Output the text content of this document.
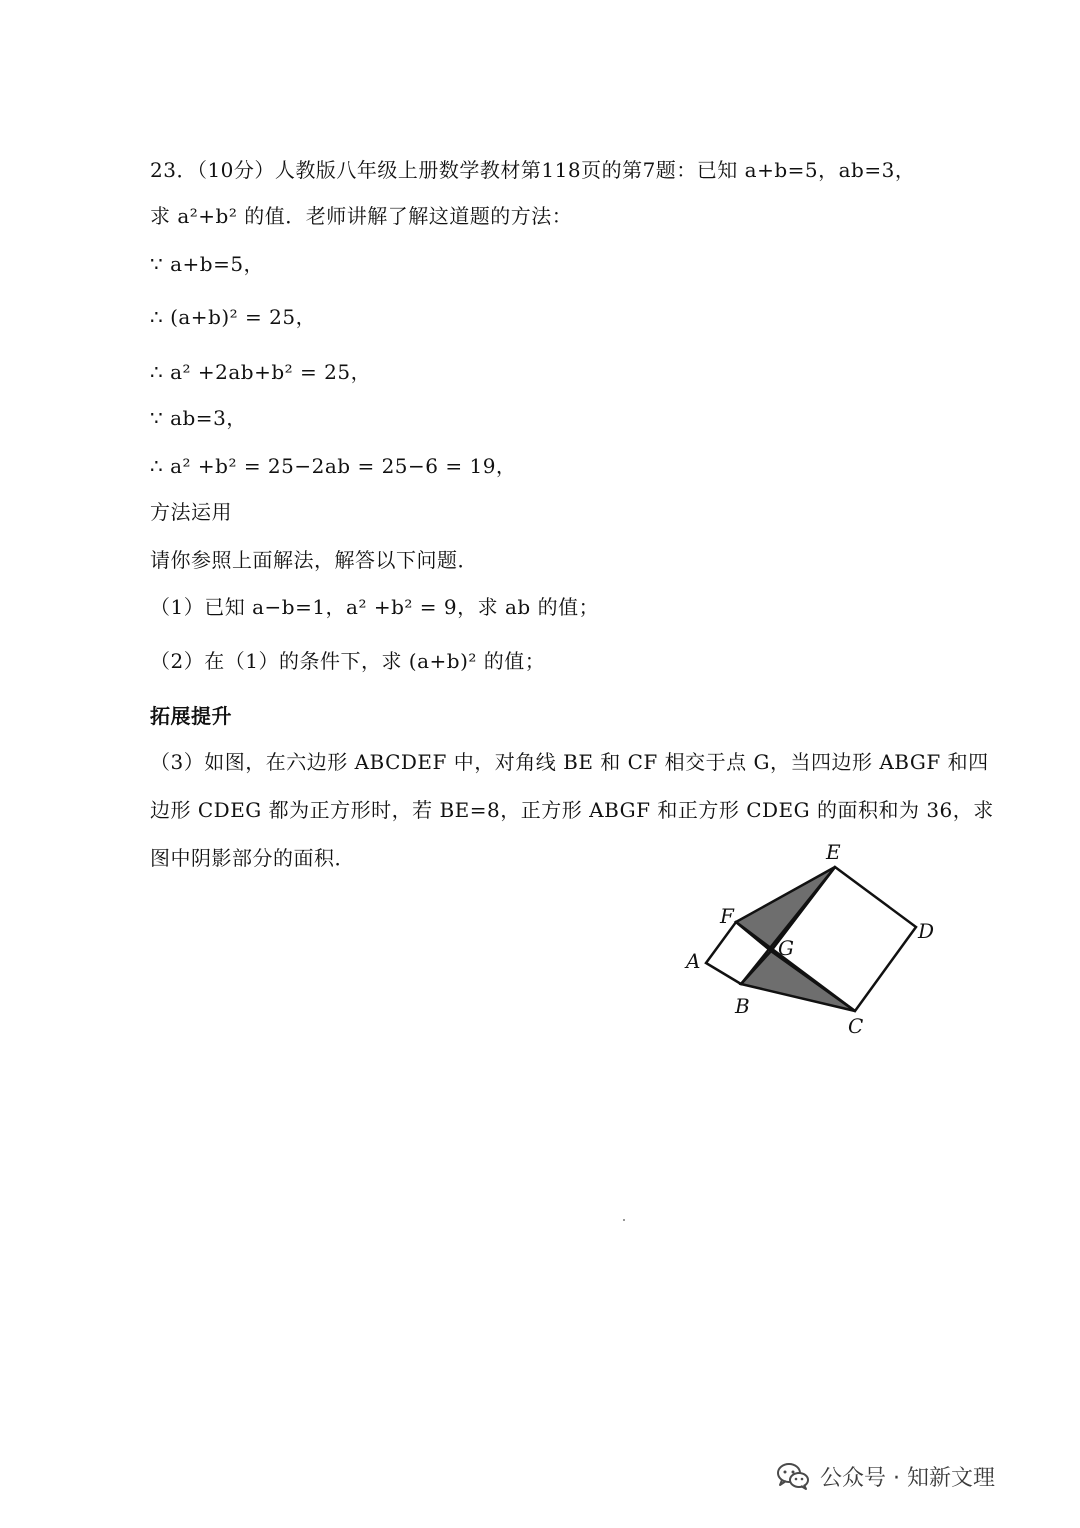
23．（10分）人教版八年级上册数学教材第118页的第7题：已知 a+b=5，ab=3，
求 a²+b² 的值．老师讲解了解这道题的方法：
∵ a+b=5，
∴ (a+b)² = 25，
∴ a² +2ab+b² = 25，
∵ ab=3，
∴ a² +b² = 25−2ab = 25−6 = 19，
方法运用
请你参照上面解法，解答以下问题．
（1）已知 a−b=1，a² +b² = 9，求 ab 的值；
（2）在（1）的条件下，求 (a+b)² 的值；
拓展提升
（3）如图，在六边形 ABCDEF 中，对角线 BE 和 CF 相交于点 G，当四边形 ABGF 和四
边形 CDEG 都为正方形时，若 BE=8，正方形 ABGF 和正方形 CDEG 的面积和为 36，求
图中阴影部分的面积．	E
F
G
D
A
B
C
公众号 · 知新文理
